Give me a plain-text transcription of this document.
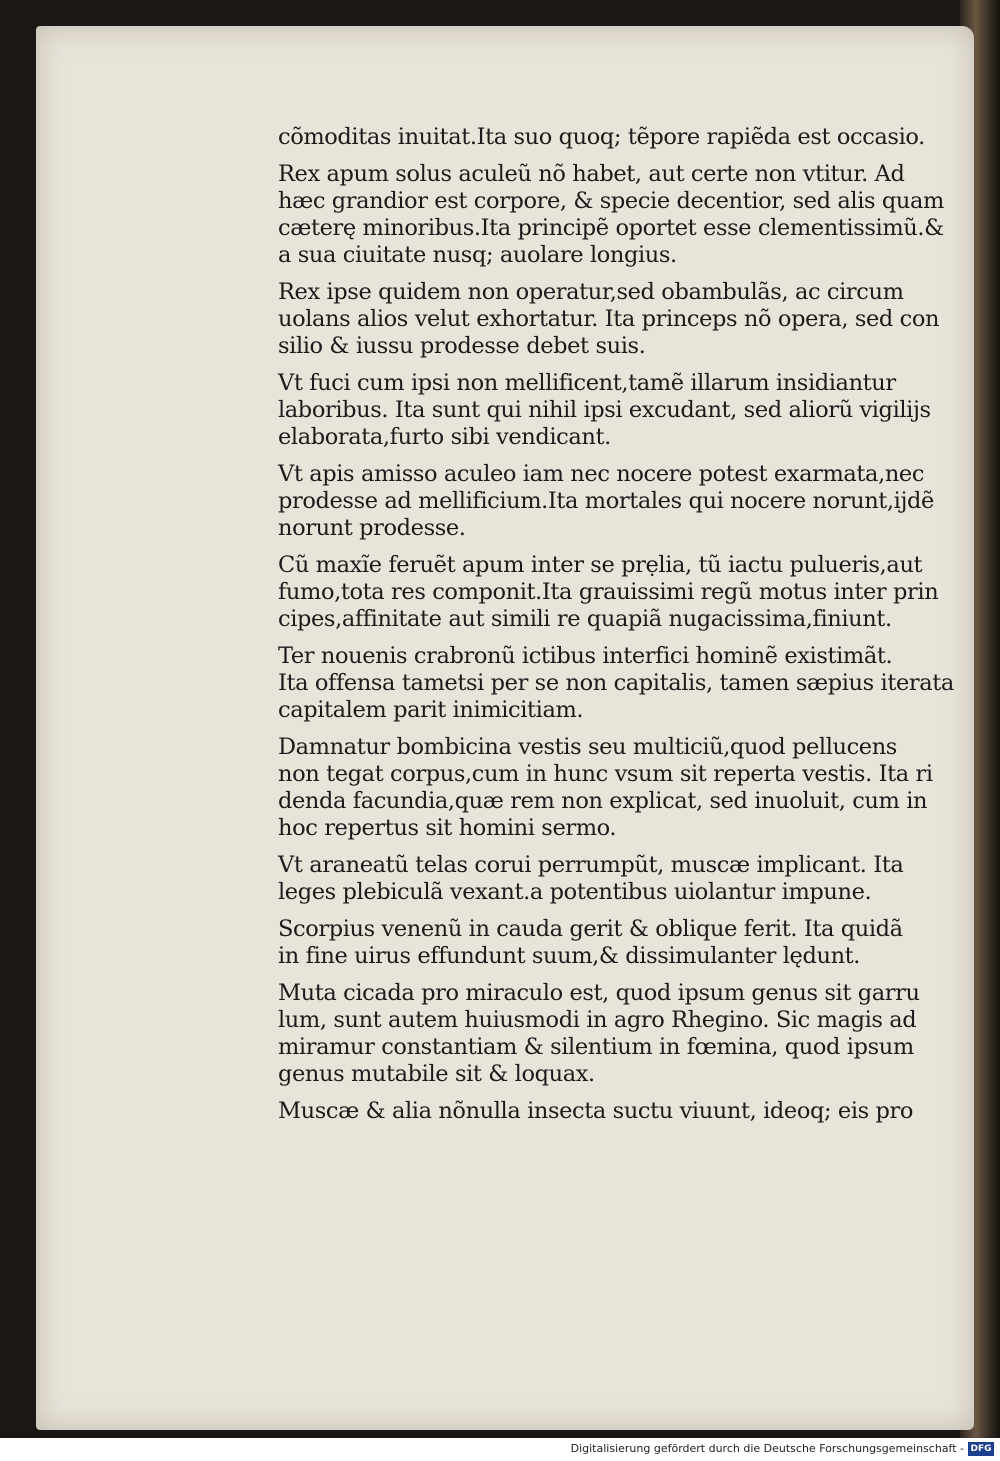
cõmoditas inuitat.Ita suo quoq; tẽpore rapiẽda est occasio.
Rex apum solus aculeũ nõ habet, aut certe non vtitur. Ad
hæc grandior est corpore, & specie decentior, sed alis quam
cæterę minoribus.Ita principẽ oportet esse clementissimũ.&
a sua ciuitate nusq; auolare longius.
Rex ipse quidem non operatur,sed obambulãs, ac circum
uolans alios velut exhortatur. Ita princeps nõ opera, sed con
silio & iussu prodesse debet suis.
Vt fuci cum ipsi non mellificent,tamẽ illarum insidiantur
laboribus. Ita sunt qui nihil ipsi excudant, sed aliorũ vigilijs
elaborata,furto sibi vendicant.
Vt apis amisso aculeo iam nec nocere potest exarmata,nec
prodesse ad mellificium.Ita mortales qui nocere norunt,ijdẽ
norunt prodesse.
Cũ maxĩe feruẽt apum inter se prẹlia, tũ iactu pulueris,aut
fumo,tota res componit.Ita grauissimi regũ motus inter prin
cipes,affinitate aut simili re quapiã nugacissima,finiunt.
Ter nouenis crabronũ ictibus interfici hominẽ existimãt.
Ita offensa tametsi per se non capitalis, tamen sæpius iterata
capitalem parit inimicitiam.
Damnatur bombicina vestis seu multiciũ,quod pellucens
non tegat corpus,cum in hunc vsum sit reperta vestis. Ita ri
denda facundia,quæ rem non explicat, sed inuoluit, cum in
hoc repertus sit homini sermo.
Vt araneatũ telas corui perrumpũt, muscæ implicant. Ita
leges plebiculã vexant.a potentibus uiolantur impune.
Scorpius venenũ in cauda gerit & oblique ferit. Ita quidã
in fine uirus effundunt suum,& dissimulanter lędunt.
Muta cicada pro miraculo est, quod ipsum genus sit garru
lum, sunt autem huiusmodi in agro Rhegino. Sic magis ad
miramur constantiam & silentium in fœmina, quod ipsum
genus mutabile sit & loquax.
Muscæ & alia nõnulla insecta suctu viuunt, ideoq; eis pro
Digitalisierung gefördert durch die Deutsche Forschungsgemeinschaft - DFG
